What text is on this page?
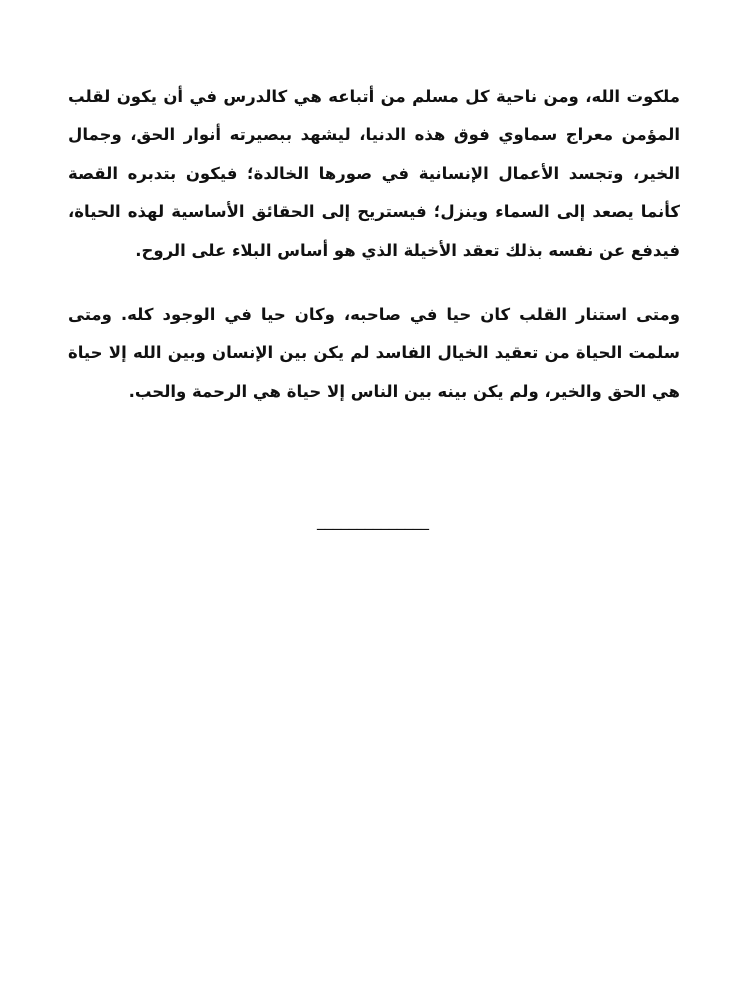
ملكوت الله، ومن ناحية كل مسلم من أتباعه هي كالدرس في أن يكون لقلب المؤمن معراج سماوي فوق هذه الدنيا، ليشهد ببصيرته أنوار الحق، وجمال الخير، وتجسد الأعمال الإنسانية في صورها الخالدة؛ فيكون بتدبره القصة كأنما يصعد إلى السماء وينزل؛ فيستريح إلى الحقائق الأساسية لهذه الحياة، فيدفع عن نفسه بذلك تعقد الأخيلة الذي هو أساس البلاء على الروح.

ومتى استنار القلب كان حيا في صاحبه، وكان حيا في الوجود كله. ومتى سلمت الحياة من تعقيد الخيال الفاسد لم يكن بين الإنسان وبين الله إلا حياة هي الحق والخير، ولم يكن بينه بين الناس إلا حياة هي الرحمة والحب.

______________
